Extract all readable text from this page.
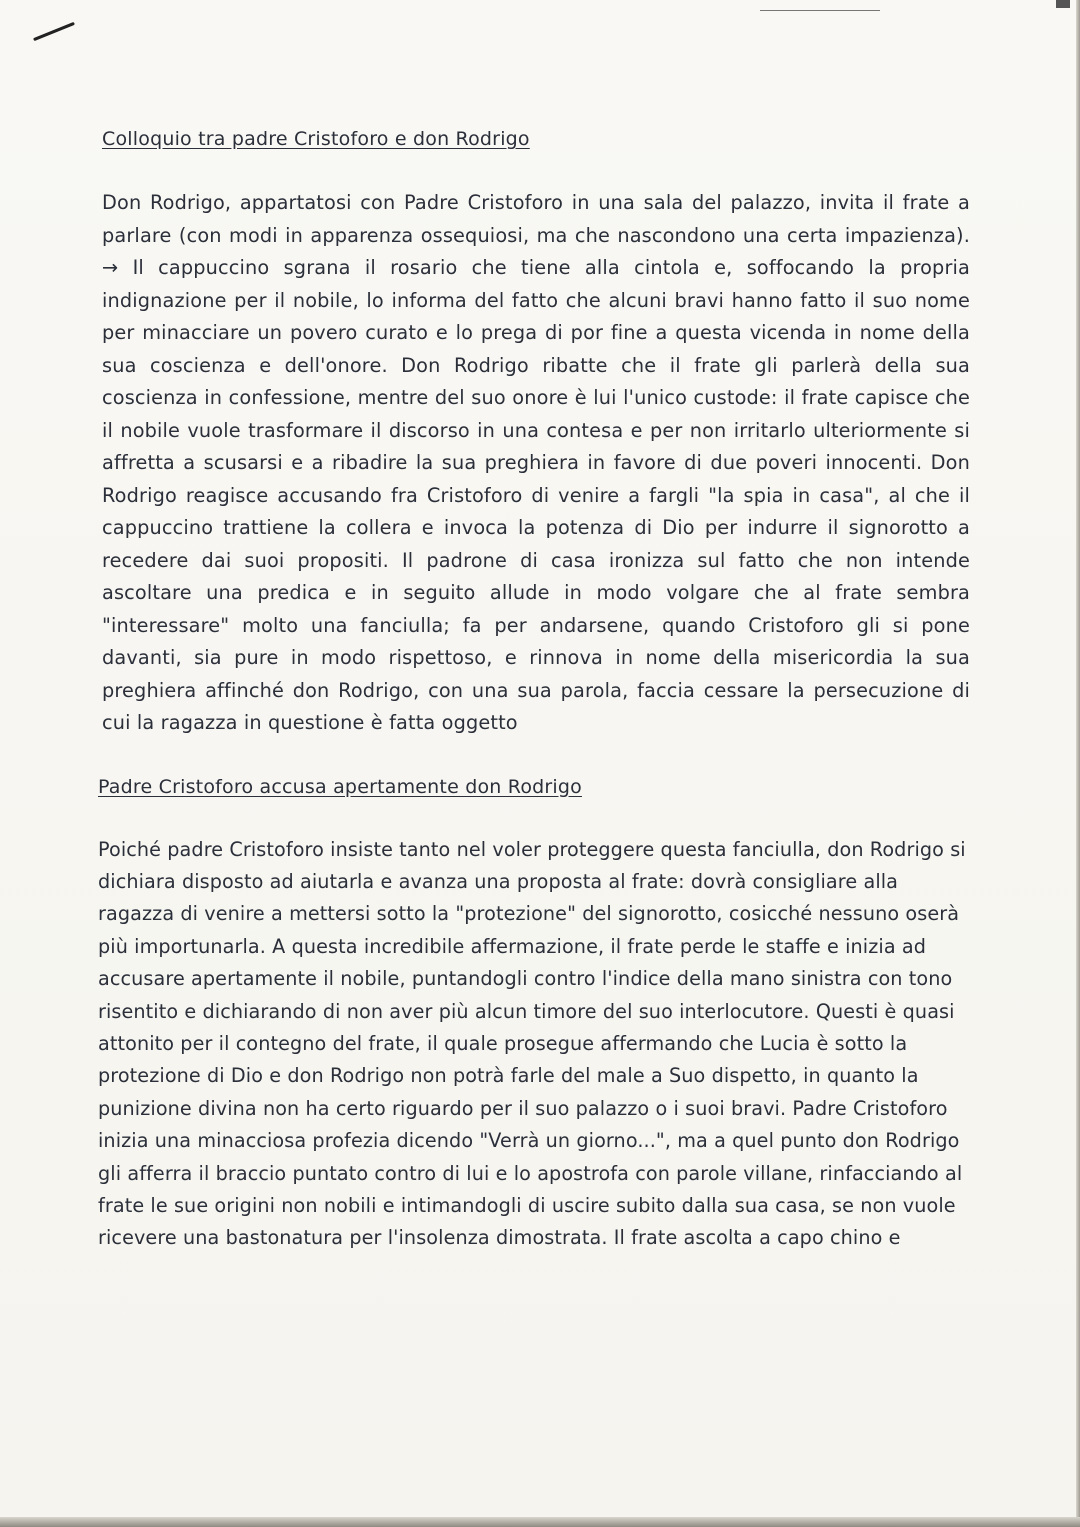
Colloquio tra padre Cristoforo e don Rodrigo

Don Rodrigo, appartatosi con Padre Cristoforo in una sala del palazzo, invita il frate a parlare (con modi in apparenza ossequiosi, ma che nascondono una certa impazienza). → Il cappuccino sgrana il rosario che tiene alla cintola e, soffocando la propria indignazione per il nobile, lo informa del fatto che alcuni bravi hanno fatto il suo nome per minacciare un povero curato e lo prega di por fine a questa vicenda in nome della sua coscienza e dell'onore. Don Rodrigo ribatte che il frate gli parlerà della sua coscienza in confessione, mentre del suo onore è lui l'unico custode: il frate capisce che il nobile vuole trasformare il discorso in una contesa e per non irritarlo ulteriormente si affretta a scusarsi e a ribadire la sua preghiera in favore di due poveri innocenti. Don Rodrigo reagisce accusando fra Cristoforo di venire a fargli "la spia in casa", al che il cappuccino trattiene la collera e invoca la potenza di Dio per indurre il signorotto a recedere dai suoi propositi. Il padrone di casa ironizza sul fatto che non intende ascoltare una predica e in seguito allude in modo volgare che al frate sembra "interessare" molto una fanciulla; fa per andarsene, quando Cristoforo gli si pone davanti, sia pure in modo rispettoso, e rinnova in nome della misericordia la sua preghiera affinché don Rodrigo, con una sua parola, faccia cessare la persecuzione di cui la ragazza in questione è fatta oggetto

Padre Cristoforo accusa apertamente don Rodrigo

Poiché padre Cristoforo insiste tanto nel voler proteggere questa fanciulla, don Rodrigo si dichiara disposto ad aiutarla e avanza una proposta al frate: dovrà consigliare alla ragazza di venire a mettersi sotto la "protezione" del signorotto, cosicché nessuno oserà più importunarla. A questa incredibile affermazione, il frate perde le staffe e inizia ad accusare apertamente il nobile, puntandogli contro l'indice della mano sinistra con tono risentito e dichiarando di non aver più alcun timore del suo interlocutore. Questi è quasi attonito per il contegno del frate, il quale prosegue affermando che Lucia è sotto la protezione di Dio e don Rodrigo non potrà farle del male a Suo dispetto, in quanto la punizione divina non ha certo riguardo per il suo palazzo o i suoi bravi. Padre Cristoforo inizia una minacciosa profezia dicendo "Verrà un giorno...", ma a quel punto don Rodrigo gli afferra il braccio puntato contro di lui e lo apostrofa con parole villane, rinfacciando al frate le sue origini non nobili e intimandogli di uscire subito dalla sua casa, se non vuole ricevere una bastonatura per l'insolenza dimostrata. Il frate ascolta a capo chino e
